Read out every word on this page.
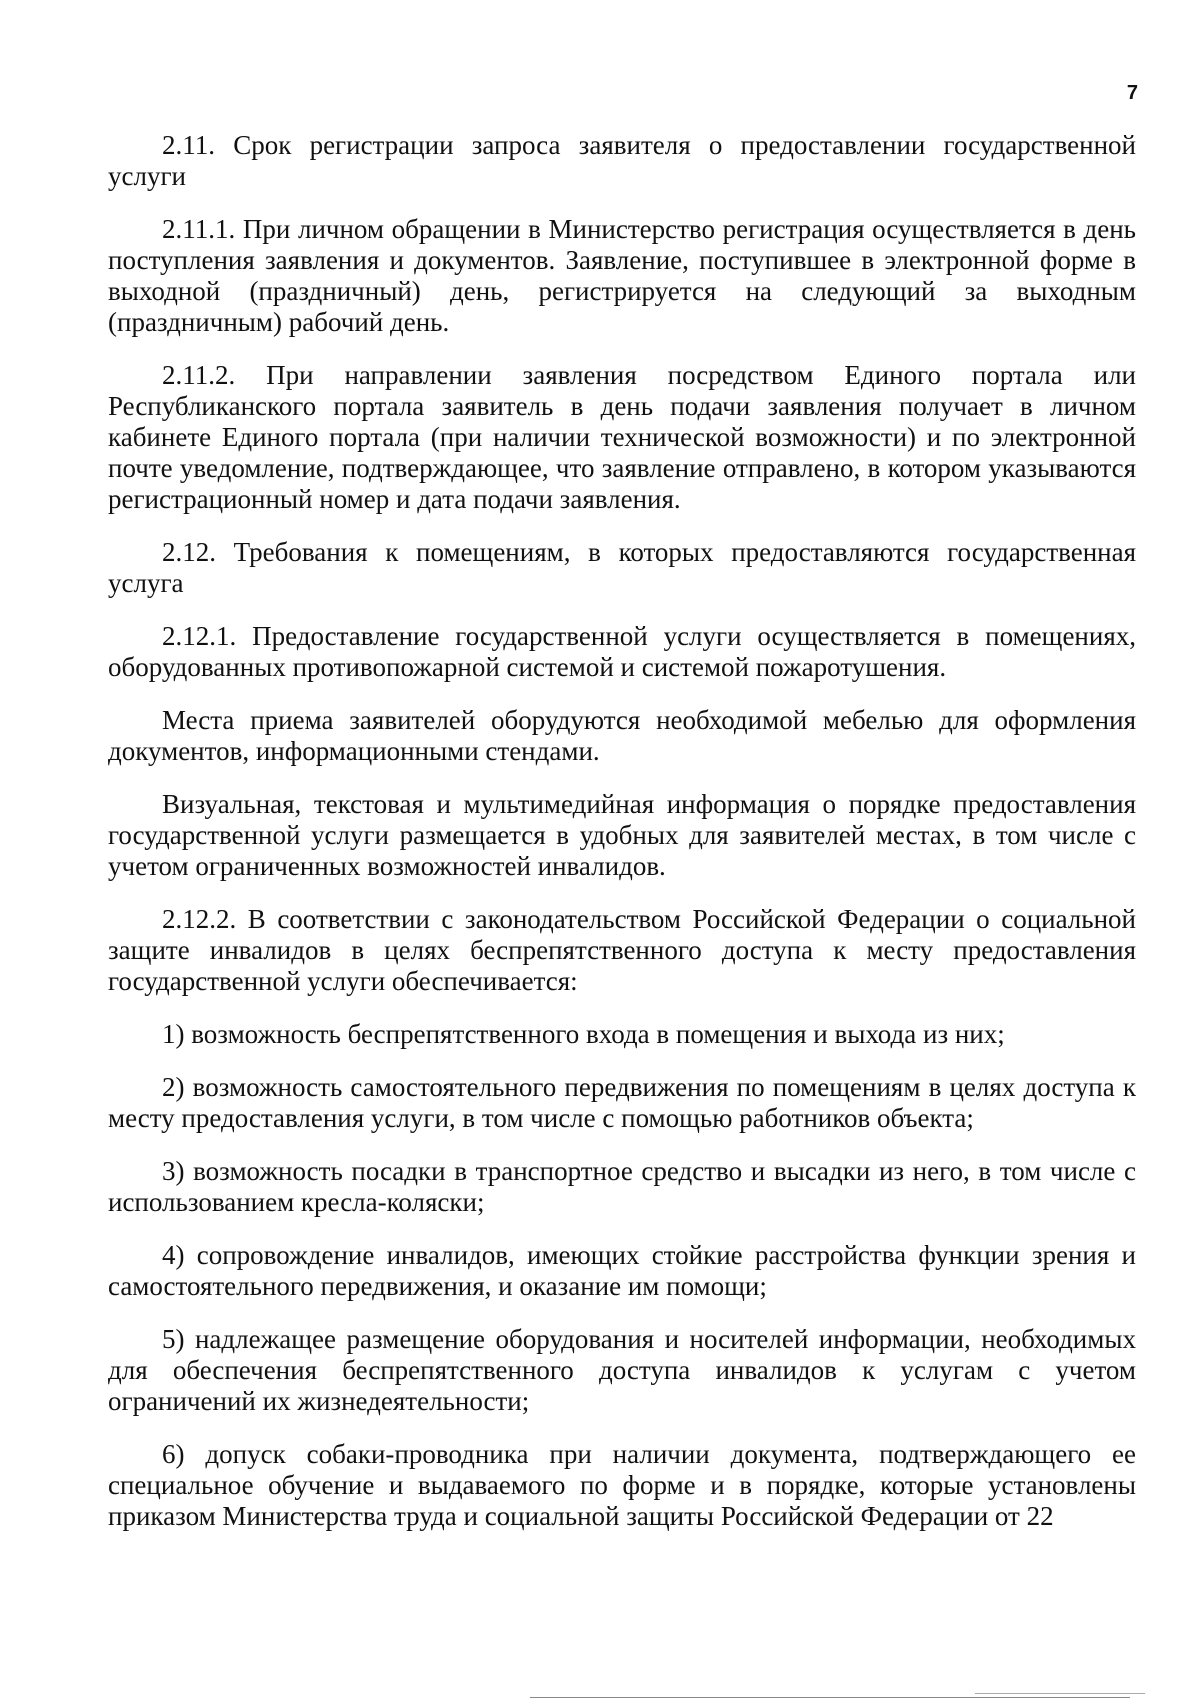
7

2.11. Срок регистрации запроса заявителя о предоставлении государственной услуги

2.11.1. При личном обращении в Министерство регистрация осуществляется в день поступления заявления и документов. Заявление, поступившее в электронной форме в выходной (праздничный) день, регистрируется на следующий за выходным (праздничным) рабочий день.

2.11.2. При направлении заявления посредством Единого портала или Республиканского портала заявитель в день подачи заявления получает в личном кабинете Единого портала (при наличии технической возможности) и по электронной почте уведомление, подтверждающее, что заявление отправлено, в котором указываются регистрационный номер и дата подачи заявления.

2.12. Требования к помещениям, в которых предоставляются государственная услуга

2.12.1. Предоставление государственной услуги осуществляется в помещениях, оборудованных противопожарной системой и системой пожаротушения.

Места приема заявителей оборудуются необходимой мебелью для оформления документов, информационными стендами.

Визуальная, текстовая и мультимедийная информация о порядке предоставления государственной услуги размещается в удобных для заявителей местах, в том числе с учетом ограниченных возможностей инвалидов.

2.12.2. В соответствии с законодательством Российской Федерации о социальной защите инвалидов в целях беспрепятственного доступа к месту предоставления государственной услуги обеспечивается:

1) возможность беспрепятственного входа в помещения и выхода из них;

2) возможность самостоятельного передвижения по помещениям в целях доступа к месту предоставления услуги, в том числе с помощью работников объекта;

3) возможность посадки в транспортное средство и высадки из него, в том числе с использованием кресла-коляски;

4) сопровождение инвалидов, имеющих стойкие расстройства функции зрения и самостоятельного передвижения, и оказание им помощи;

5) надлежащее размещение оборудования и носителей информации, необходимых для обеспечения беспрепятственного доступа инвалидов к услугам с учетом ограничений их жизнедеятельности;

6) допуск собаки-проводника при наличии документа, подтверждающего ее специальное обучение и выдаваемого по форме и в порядке, которые установлены приказом Министерства труда и социальной защиты Российской Федерации от 22
